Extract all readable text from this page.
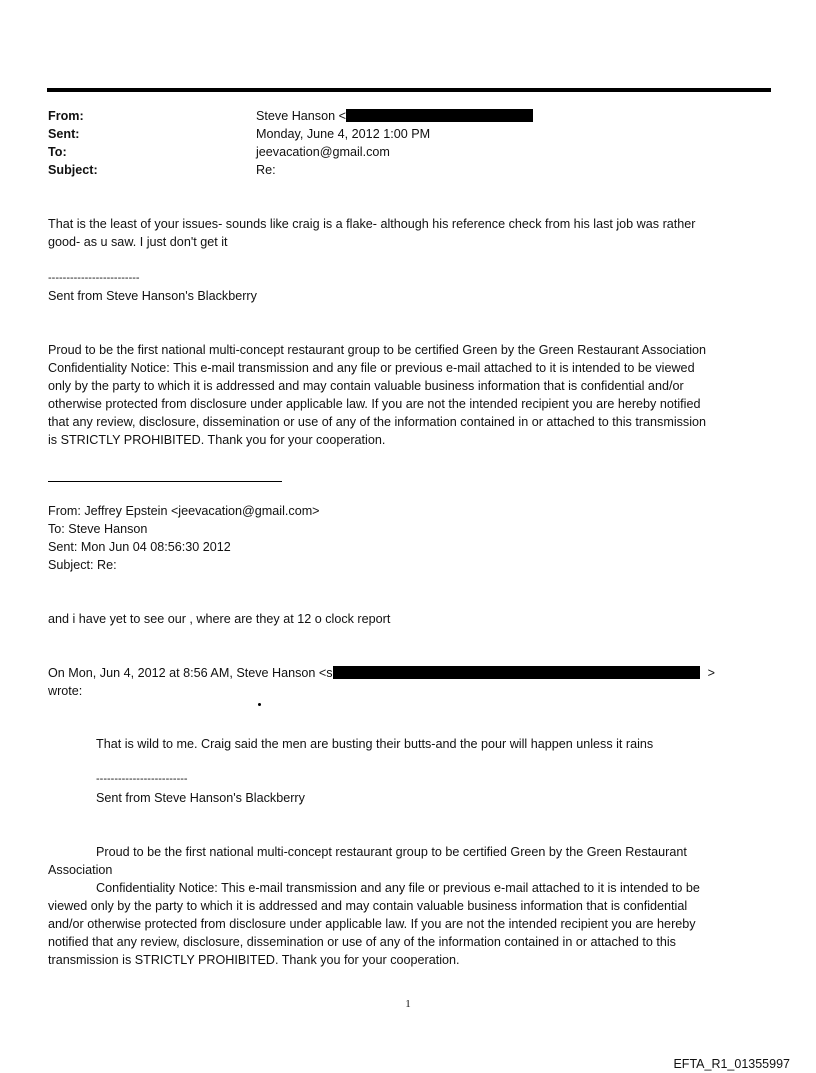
From:	Steve Hanson <
Sent:	Monday, June 4, 2012 1:00 PM
To:	jeevacation@gmail.com
Subject:	Re:
That is the least of your issues- sounds like craig is a flake- although his reference check from his last job was rather
good- as u saw. I just don't get it
-------------------------
Sent from Steve Hanson's Blackberry
Proud to be the first national multi-concept restaurant group to be certified Green by the Green Restaurant Association
Confidentiality Notice: This e-mail transmission and any file or previous e-mail attached to it is intended to be viewed
only by the party to which it is addressed and may contain valuable business information that is confidential and/or
otherwise protected from disclosure under applicable law. If you are not the intended recipient you are hereby notified
that any review, disclosure, dissemination or use of any of the information contained in or attached to this transmission
is STRICTLY PROHIBITED. Thank you for your cooperation.
From: Jeffrey Epstein <jeevacation@gmail.com>
To: Steve Hanson
Sent: Mon Jun 04 08:56:30 2012
Subject: Re:
and i have yet to see our , where are they at 12 o clock report
On Mon, Jun 4, 2012 at 8:56 AM, Steve Hanson <s	>
wrote:
That is wild to me. Craig said the men are busting their butts-and the pour will happen unless it rains
-------------------------
Sent from Steve Hanson's Blackberry
Proud to be the first national multi-concept restaurant group to be certified Green by the Green Restaurant
Association
Confidentiality Notice: This e-mail transmission and any file or previous e-mail attached to it is intended to be
viewed only by the party to which it is addressed and may contain valuable business information that is confidential
and/or otherwise protected from disclosure under applicable law. If you are not the intended recipient you are hereby
notified that any review, disclosure, dissemination or use of any of the information contained in or attached to this
transmission is STRICTLY PROHIBITED. Thank you for your cooperation.
1
EFTA_R1_01355997
